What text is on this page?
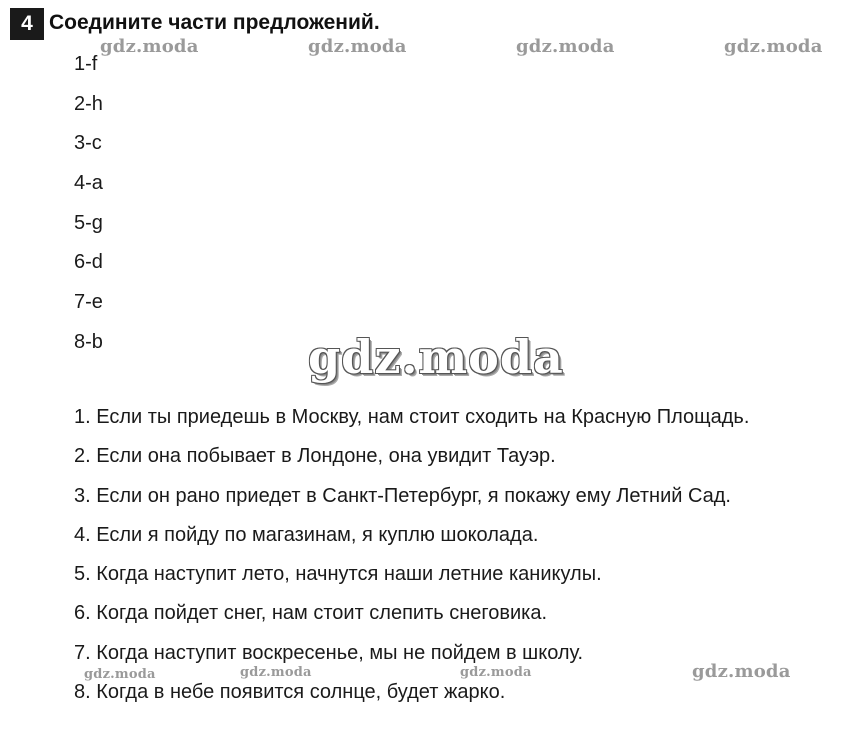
4 Соедините части предложений.
1-f
2-h
3-c
4-a
5-g
6-d
7-e
8-b
1. Если ты приедешь в Москву, нам стоит сходить на Красную Площадь.
2. Если она побывает в Лондоне, она увидит Тауэр.
3. Если он рано приедет в Санкт-Петербург, я покажу ему Летний Сад.
4. Если я пойду по магазинам, я куплю шоколада.
5. Когда наступит лето, начнутся наши летние каникулы.
6. Когда пойдет снег, нам стоит слепить снеговика.
7. Когда наступит воскресенье, мы не пойдем в школу.
8. Когда в небе появится солнце, будет жарко.
gdz.moda	gdz.moda	gdz.moda	gdz.moda
gdz.moda
gdz.moda
gdz.moda	gdz.moda	gdz.moda
